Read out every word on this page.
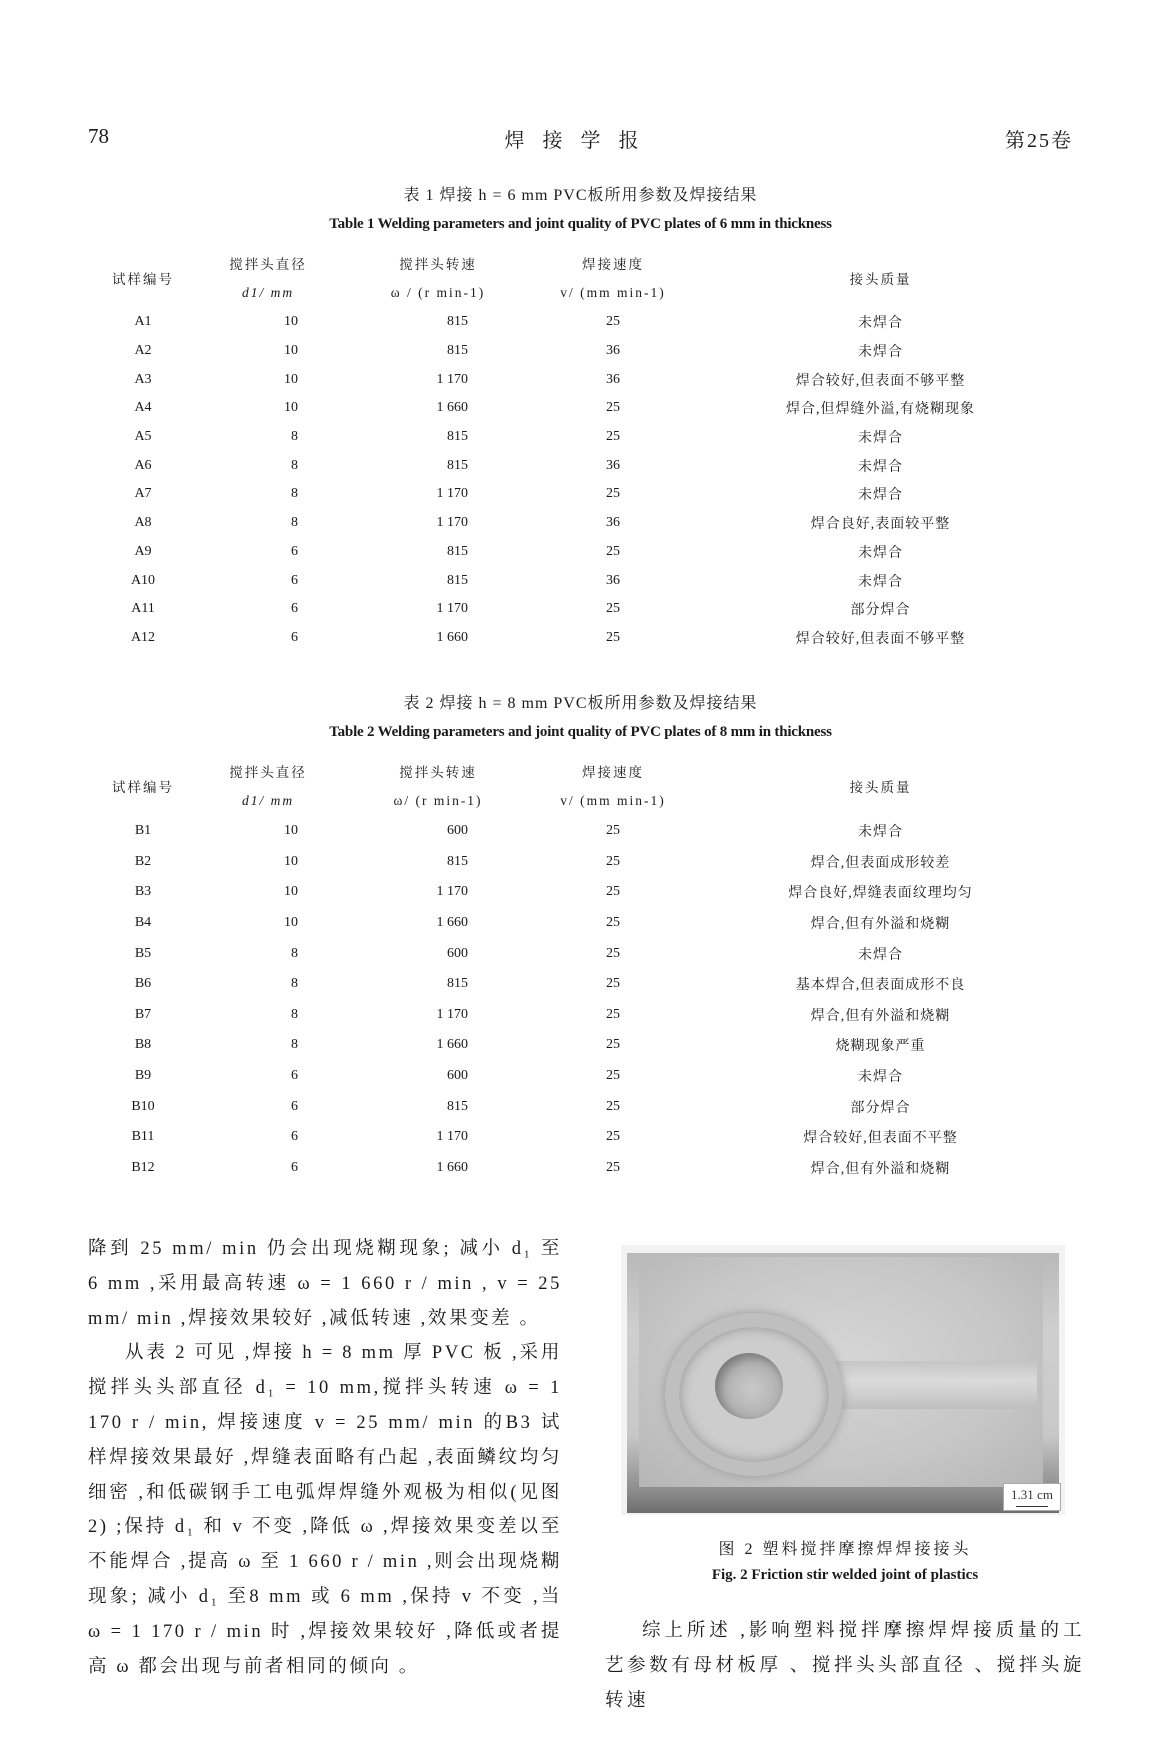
78	焊接学报	第25卷
表 1 焊接 h = 6 mm PVC板所用参数及焊接结果
Table 1 Welding parameters and joint quality of PVC plates of 6 mm in thickness
试样编号	搅拌头直径	搅拌头转速	焊接速度	接头质量
	d1/ mm	ω / (r min-1)	v/ (mm min-1)	
A1	10	815	25	未焊合
A2	10	815	36	未焊合
A3	10	1 170	36	焊合较好,但表面不够平整
A4	10	1 660	25	焊合,但焊缝外溢,有烧糊现象
A5	8	815	25	未焊合
A6	8	815	36	未焊合
A7	8	1 170	25	未焊合
A8	8	1 170	36	焊合良好,表面较平整
A9	6	815	25	未焊合
A10	6	815	36	未焊合
A11	6	1 170	25	部分焊合
A12	6	1 660	25	焊合较好,但表面不够平整
表 2 焊接 h = 8 mm PVC板所用参数及焊接结果
Table 2 Welding parameters and joint quality of PVC plates of 8 mm in thickness
试样编号	搅拌头直径	搅拌头转速	焊接速度	接头质量
	d1/ mm	ω/ (r min-1)	v/ (mm min-1)	
B1	10	600	25	未焊合
B2	10	815	25	焊合,但表面成形较差
B3	10	1 170	25	焊合良好,焊缝表面纹理均匀
B4	10	1 660	25	焊合,但有外溢和烧糊
B5	8	600	25	未焊合
B6	8	815	25	基本焊合,但表面成形不良
B7	8	1 170	25	焊合,但有外溢和烧糊
B8	8	1 660	25	烧糊现象严重
B9	6	600	25	未焊合
B10	6	815	25	部分焊合
B11	6	1 170	25	焊合较好,但表面不平整
B12	6	1 660	25	焊合,但有外溢和烧糊

降到 25 mm/ min 仍会出现烧糊现象; 减小 d₁ 至 6 mm ,采用最高转速 ω = 1 660 r / min , v = 25 mm/ min ,焊接效果较好 ,减低转速 ,效果变差 。

从表 2 可见 ,焊接 h = 8 mm 厚 PVC 板 ,采用搅拌头头部直径 d₁ = 10 mm,搅拌头转速 ω = 1 170 r / min, 焊接速度 v = 25 mm/ min 的B3 试样焊接效果最好 ,焊缝表面略有凸起 ,表面鳞纹均匀细密 ,和低碳钢手工电弧焊焊缝外观极为相似(见图 2) ;保持 d₁ 和 v 不变 ,降低 ω ,焊接效果变差以至不能焊合 ,提高 ω 至 1 660 r / min ,则会出现烧糊现象; 减小 d₁ 至8 mm 或 6 mm ,保持 v 不变 ,当 ω = 1 170 r / min 时 ,焊接效果较好 ,降低或者提高 ω 都会出现与前者相同的倾向 。

1.31 cm
图 2 塑料搅拌摩擦焊焊接接头
Fig. 2 Friction stir welded joint of plastics

综上所述 ,影响塑料搅拌摩擦焊焊接质量的工艺参数有母材板厚 、搅拌头头部直径 、搅拌头旋转速
